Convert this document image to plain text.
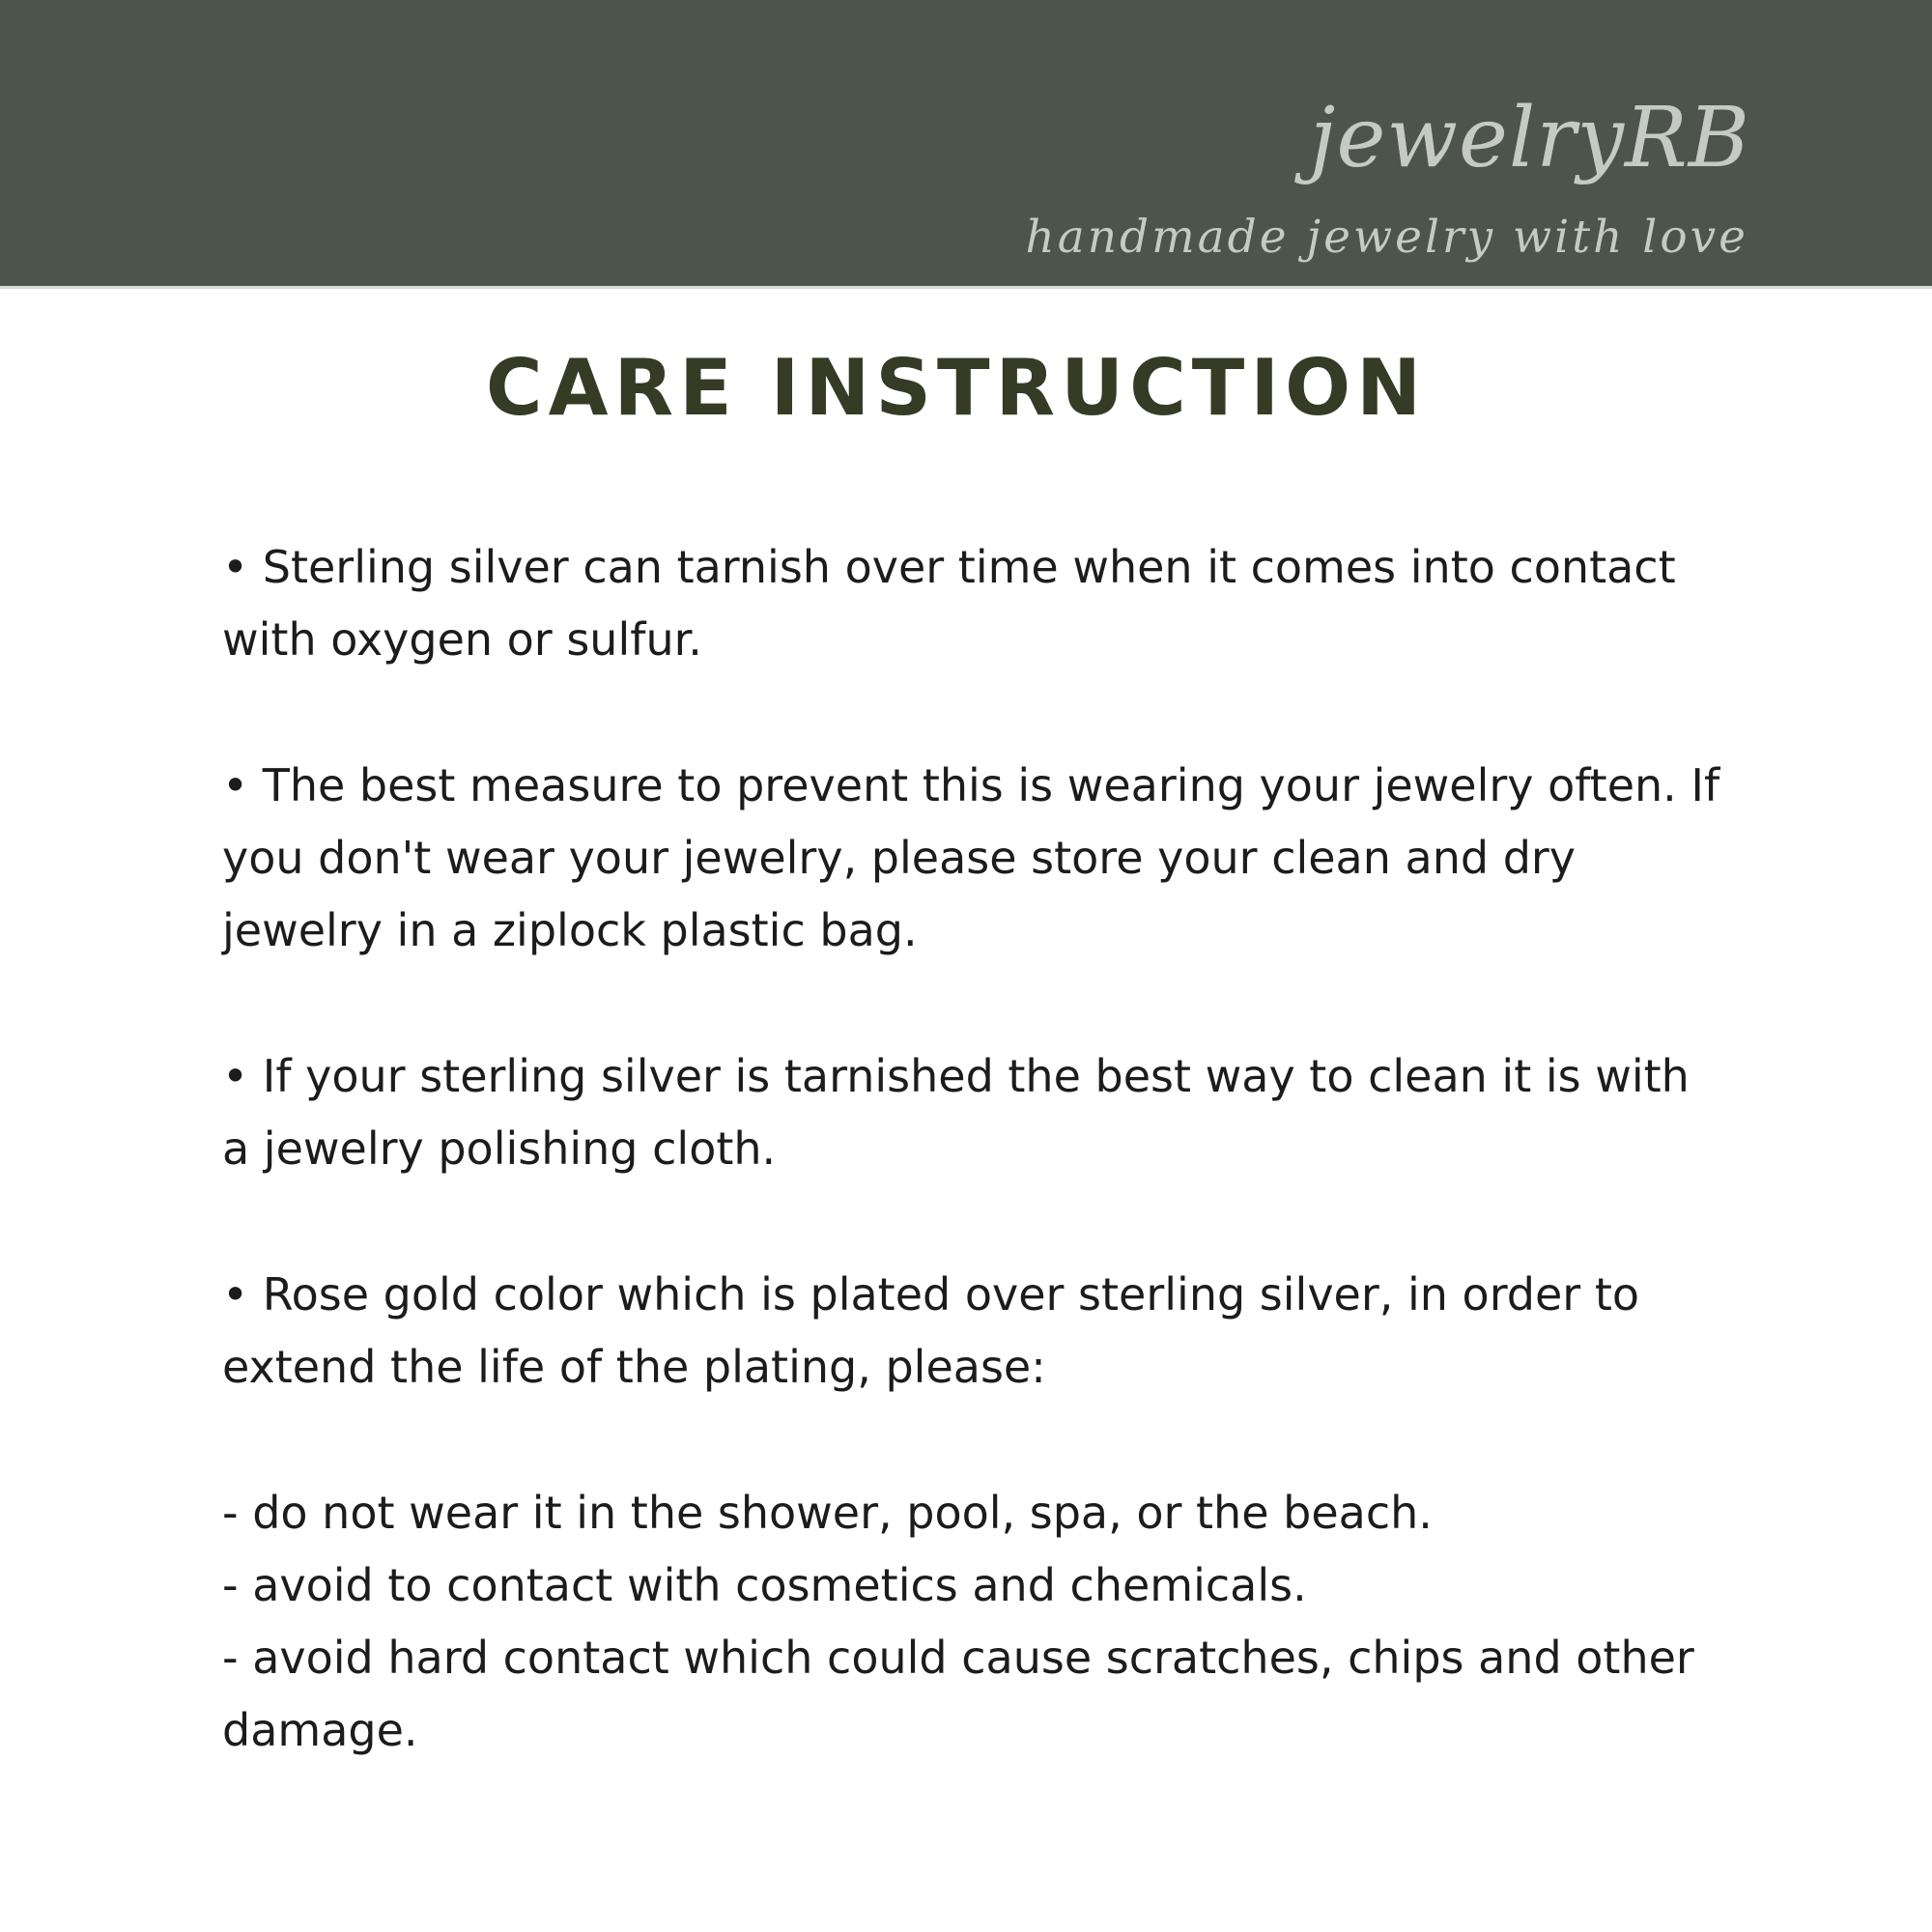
jewelryRB

handmade jewelry with love

CARE INSTRUCTION

• Sterling silver can tarnish over time when it comes into contact with oxygen or sulfur.

• The best measure to prevent this is wearing your jewelry often. If you don't wear your jewelry, please store your clean and dry jewelry in a ziplock plastic bag.

• If your sterling silver is tarnished the best way to clean it is with a jewelry polishing cloth.

• Rose gold color which is plated over sterling silver, in order to extend the life of the plating, please:

- do not wear it in the shower, pool, spa, or the beach.
- avoid to contact with cosmetics and chemicals.
- avoid hard contact which could cause scratches, chips and other damage.
